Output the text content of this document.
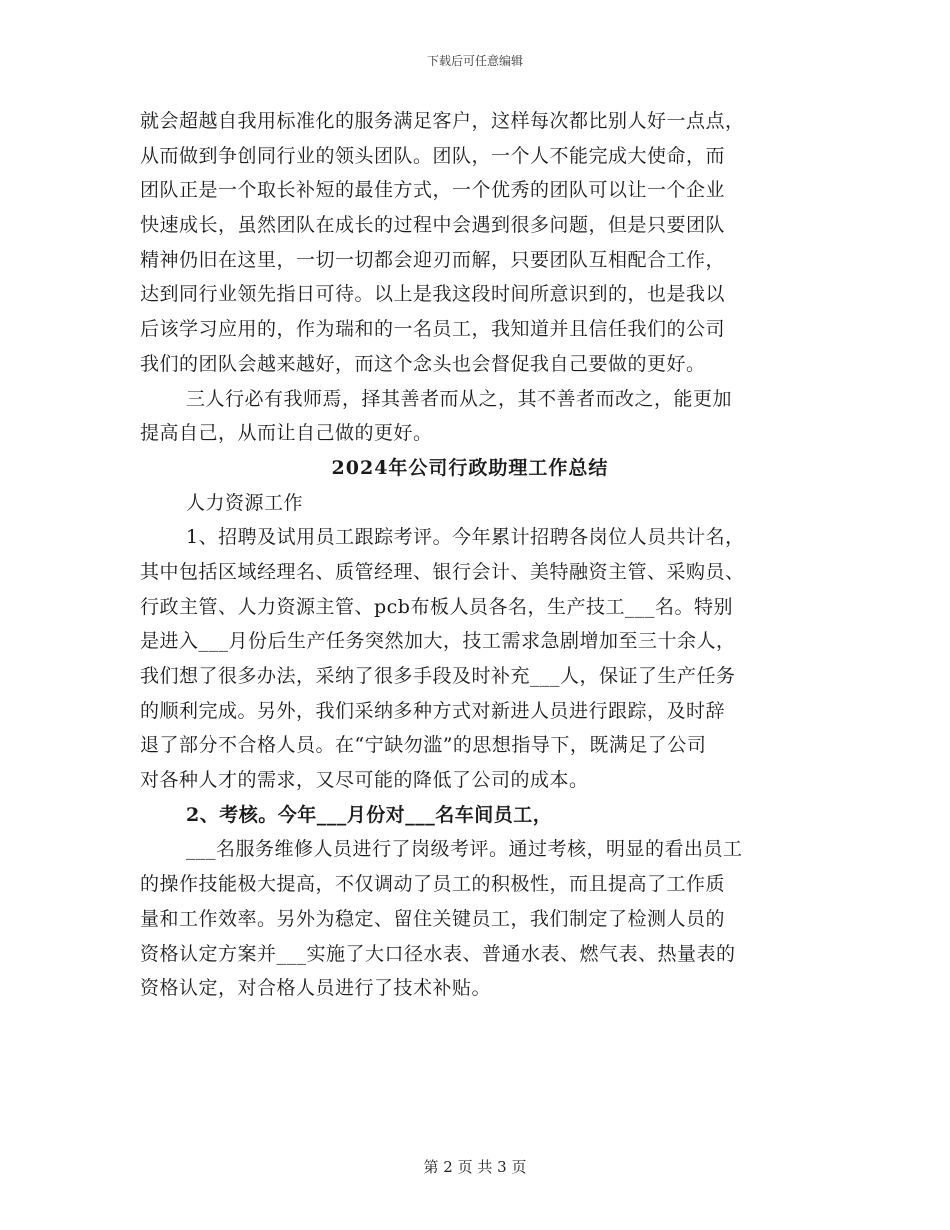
下载后可任意编辑
就会超越自我用标准化的服务满足客户，这样每次都比别人好一点点，
从而做到争创同行业的领头团队。团队，一个人不能完成大使命，而
团队正是一个取长补短的最佳方式，一个优秀的团队可以让一个企业
快速成长，虽然团队在成长的过程中会遇到很多问题，但是只要团队
精神仍旧在这里，一切一切都会迎刃而解，只要团队互相配合工作，
达到同行业领先指日可待。以上是我这段时间所意识到的，也是我以
后该学习应用的，作为瑞和的一名员工，我知道并且信任我们的公司
我们的团队会越来越好，而这个念头也会督促我自己要做的更好。
三人行必有我师焉，择其善者而从之，其不善者而改之，能更加
提高自己，从而让自己做的更好。
2024年公司行政助理工作总结
人力资源工作
1、招聘及试用员工跟踪考评。今年累计招聘各岗位人员共计名，
其中包括区域经理名、质管经理、银行会计、美特融资主管、采购员、
行政主管、人力资源主管、pcb布板人员各名，生产技工___名。特别
是进入___月份后生产任务突然加大，技工需求急剧增加至三十余人，
我们想了很多办法，采纳了很多手段及时补充___人，保证了生产任务
的顺利完成。另外，我们采纳多种方式对新进人员进行跟踪，及时辞
退了部分不合格人员。在“宁缺勿滥”的思想指导下，既满足了公司
对各种人才的需求，又尽可能的降低了公司的成本。
2、考核。今年___月份对___名车间员工，
___名服务维修人员进行了岗级考评。通过考核，明显的看出员工
的操作技能极大提高，不仅调动了员工的积极性，而且提高了工作质
量和工作效率。另外为稳定、留住关键员工，我们制定了检测人员的
资格认定方案并___实施了大口径水表、普通水表、燃气表、热量表的
资格认定，对合格人员进行了技术补贴。
第 2 页 共 3 页
